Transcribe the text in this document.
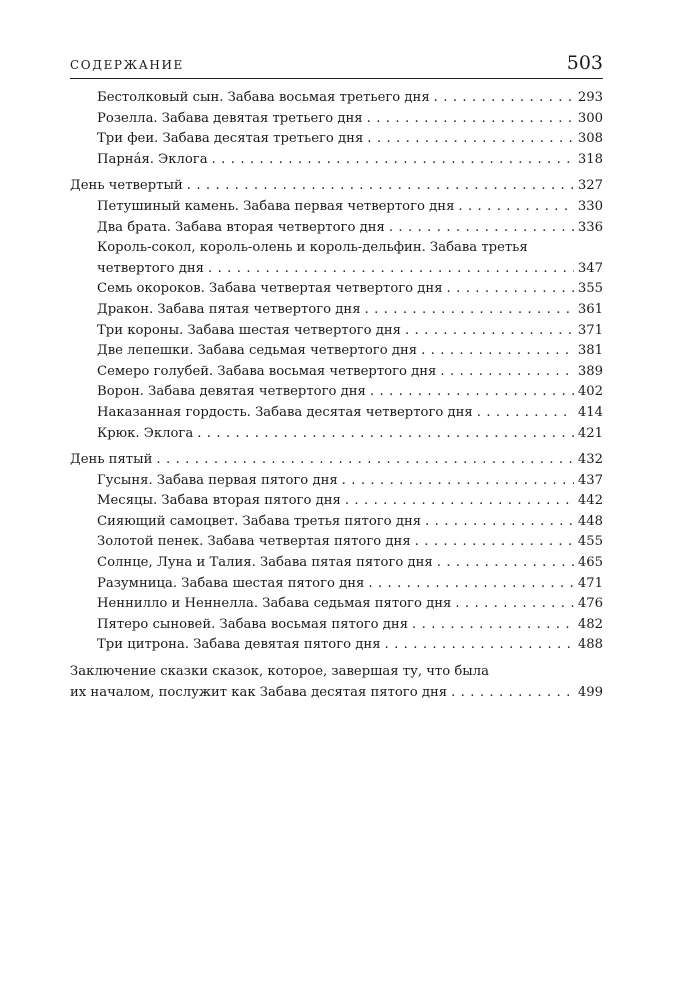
СОДЕРЖАНИЕ	503
Бестолковый сын. Забава восьмая третьего дня . . .	293
Розелла. Забава девятая третьего дня . . .	300
Три феи. Забава десятая третьего дня . . .	308
Парнáя. Эклога . . .	318
День четвертый . . .	327
Петушиный камень. Забава первая четвертого дня . . .	330
Два брата. Забава вторая четвертого дня . . .	336
Король-сокол, король-олень и король-дельфин. Забава третья
четвертого дня . . .	347
Семь окороков. Забава четвертая четвертого дня . . .	355
Дракон. Забава пятая четвертого дня . . .	361
Три короны. Забава шестая четвертого дня . . .	371
Две лепешки. Забава седьмая четвертого дня . . .	381
Семеро голубей. Забава восьмая четвертого дня . . .	389
Ворон. Забава девятая четвертого дня . . .	402
Наказанная гордость. Забава десятая четвертого дня . . .	414
Крюк. Эклога . . .	421
День пятый . . .	432
Гусыня. Забава первая пятого дня . . .	437
Месяцы. Забава вторая пятого дня . . .	442
Сияющий самоцвет. Забава третья пятого дня . . .	448
Золотой пенек. Забава четвертая пятого дня . . .	455
Солнце, Луна и Талия. Забава пятая пятого дня . . .	465
Разумница. Забава шестая пятого дня . . .	471
Ненниллo и Неннелла. Забава седьмая пятого дня . . .	476
Пятеро сыновей. Забава восьмая пятого дня . . .	482
Три цитрона. Забава девятая пятого дня . . .	488
Заключение сказки сказок, которое, завершая ту, что была
их началом, послужит как Забава десятая пятого дня . . .	499
